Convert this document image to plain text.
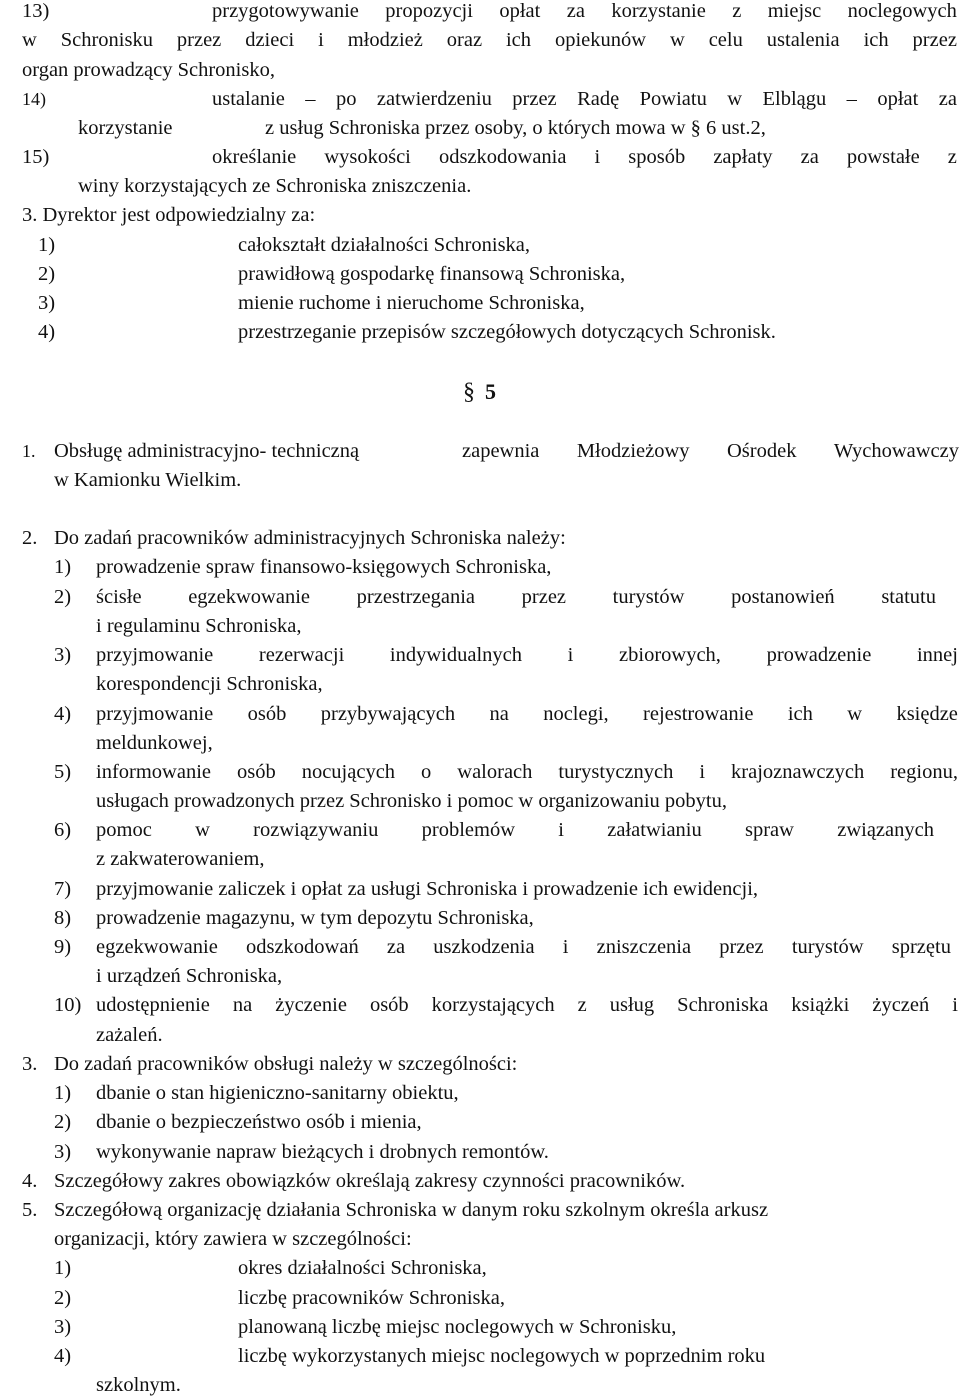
13)	przygotowywanie propozycji opłat za korzystanie z miejsc noclegowych
w Schronisku przez dzieci i młodzież oraz ich opiekunów w celu ustalenia ich przez
organ prowadzący Schronisko,
14)	ustalanie – po zatwierdzeniu przez Radę Powiatu w Elblągu – opłat za
korzystanie	z usług Schroniska przez osoby, o których mowa w § 6 ust.2,
15)	określanie wysokości odszkodowania i sposób zapłaty za powstałe z
winy korzystających ze Schroniska zniszczenia.
3. Dyrektor jest odpowiedzialny za:
1)	całokształt działalności Schroniska,
2)	prawidłową gospodarkę finansową Schroniska,
3)	mienie ruchome i nieruchome Schroniska,
4)	przestrzeganie przepisów szczegółowych dotyczących Schronisk.
§ 5
1. Obsługę administracyjno- techniczną	zapewnia Młodzieżowy Ośrodek Wychowawczy
w Kamionku Wielkim.
2. Do zadań pracowników administracyjnych Schroniska należy:
1) prowadzenie spraw finansowo-księgowych Schroniska,
2) ścisłe egzekwowanie przestrzegania przez turystów postanowień statutu
i regulaminu Schroniska,
3) przyjmowanie rezerwacji indywidualnych i zbiorowych, prowadzenie innej
korespondencji Schroniska,
4) przyjmowanie osób przybywających na noclegi, rejestrowanie ich w księdze
meldunkowej,
5) informowanie osób nocujących o walorach turystycznych i krajoznawczych regionu,
usługach prowadzonych przez Schronisko i pomoc w organizowaniu pobytu,
6) pomoc w rozwiązywaniu problemów i załatwianiu spraw związanych
z zakwaterowaniem,
7) przyjmowanie zaliczek i opłat za usługi Schroniska i prowadzenie ich ewidencji,
8) prowadzenie magazynu, w tym depozytu Schroniska,
9) egzekwowanie odszkodowań za uszkodzenia i zniszczenia przez turystów sprzętu
i urządzeń Schroniska,
10) udostępnienie na życzenie osób korzystających z usług Schroniska książki życzeń i
zażaleń.
3. Do zadań pracowników obsługi należy w szczególności:
1) dbanie o stan higieniczno-sanitarny obiektu,
2) dbanie o bezpieczeństwo osób i mienia,
3) wykonywanie napraw bieżących i drobnych remontów.
4. Szczegółowy zakres obowiązków określają zakresy czynności pracowników.
5. Szczegółową organizację działania Schroniska w danym roku szkolnym określa arkusz
organizacji, który zawiera w szczególności:
1)	okres działalności Schroniska,
2)	liczbę pracowników Schroniska,
3)	planowaną liczbę miejsc noclegowych w Schronisku,
4)	liczbę wykorzystanych miejsc noclegowych w poprzednim roku
szkolnym.
